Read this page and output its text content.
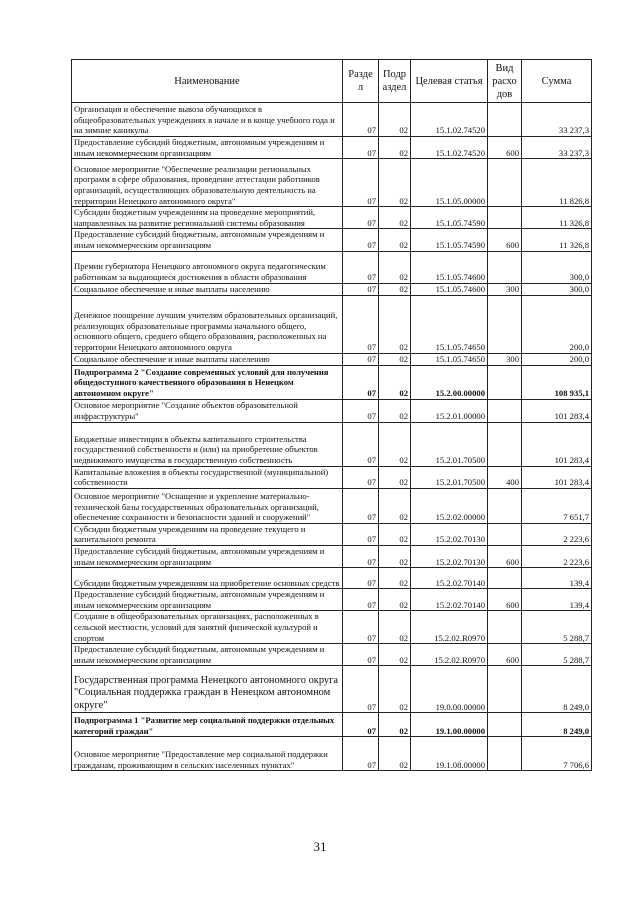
Наименование	Разде л	Подр аздел	Целевая статья	Вид расхо дов	Сумма
Организация и обеспечение вывоза обучающихся в общеобразовательных учреждениях в начале и в конце учебного года и на зимние каникулы	07	02	15.1.02.74520		33 237,3
Предоставление субсидий бюджетным, автономным учреждениям и иным некоммерческим организациям	07	02	15.1.02.74520	600	33 237,3
Основное мероприятие "Обеспечение реализации региональных программ в сфере образования, проведение аттестации работников организаций, осуществляющих образовательную деятельность на территории Ненецкого автономного округа"	07	02	15.1.05.00000		11 826,8
Субсидии бюджетным учреждениям на проведение мероприятий, направленных на развитие региональной системы образования	07	02	15.1.05.74590		11 326,8
Предоставление субсидий бюджетным, автономным учреждениям и иным некоммерческим организациям	07	02	15.1.05.74590	600	11 326,8
Премии губернатора Ненецкого автономного округа педагогическим работникам за выдающиеся достижения в области образования	07	02	15.1.05.74600		300,0
Социальное обеспечение и иные выплаты населению	07	02	15.1.05.74600	300	300,0
Денежное поощрение лучшим учителям образовательных организаций, реализующих образовательные программы начального общего, основного общего, среднего общего образования, расположенных на территории Ненецкого автономного округа	07	02	15.1.05.74650		200,0
Социальное обеспечение и иные выплаты населению	07	02	15.1.05.74650	300	200,0
Подпрограмма 2 "Создание современных условий для получения общедоступного качественного образования в Ненецком автономном округе"	07	02	15.2.00.00000		108 935,1
Основное мероприятие "Создание объектов образовательной инфраструктуры"	07	02	15.2.01.00000		101 283,4
Бюджетные инвестиции в объекты капитального строительства государственной собственности и (или) на приобретение объектов недвижимого имущества в государственную собственность	07	02	15.2.01.70500		101 283,4
Капитальные вложения в объекты государственной (муниципальной) собственности	07	02	15.2.01.70500	400	101 283,4
Основное мероприятие "Оснащение и укрепление материально-технической базы государственных образовательных организаций, обеспечение сохранности и безопасности зданий и сооружений"	07	02	15.2.02.00000		7 651,7
Субсидии бюджетным учреждениям на проведение текущего и капитального ремонта	07	02	15.2.02.70130		2 223,6
Предоставление субсидий бюджетным, автономным учреждениям и иным некоммерческим организациям	07	02	15.2.02.70130	600	2 223,6
Субсидии бюджетным учреждениям на приобретение основных средств	07	02	15.2.02.70140		139,4
Предоставление субсидий бюджетным, автономным учреждениям и иным некоммерческим организациям	07	02	15.2.02.70140	600	139,4
Создание в общеобразовательных организациях, расположенных в сельской местности, условий для занятий физической культурой и спортом	07	02	15.2.02.R0970		5 288,7
Предоставление субсидий бюджетным, автономным учреждениям и иным некоммерческим организациям	07	02	15.2.02.R0970	600	5 288,7
Государственная программа Ненецкого автономного округа "Социальная поддержка граждан в Ненецком автономном округе"	07	02	19.0.00.00000		8 249,0
Подпрограмма 1 "Развитие мер социальной поддержки отдельных категорий граждан"	07	02	19.1.00.00000		8 249,0
Основное мероприятие "Предоставление мер социальной поддержки гражданам, проживающим в сельских населенных пунктах"	07	02	19.1.08.00000		7 706,6
31
